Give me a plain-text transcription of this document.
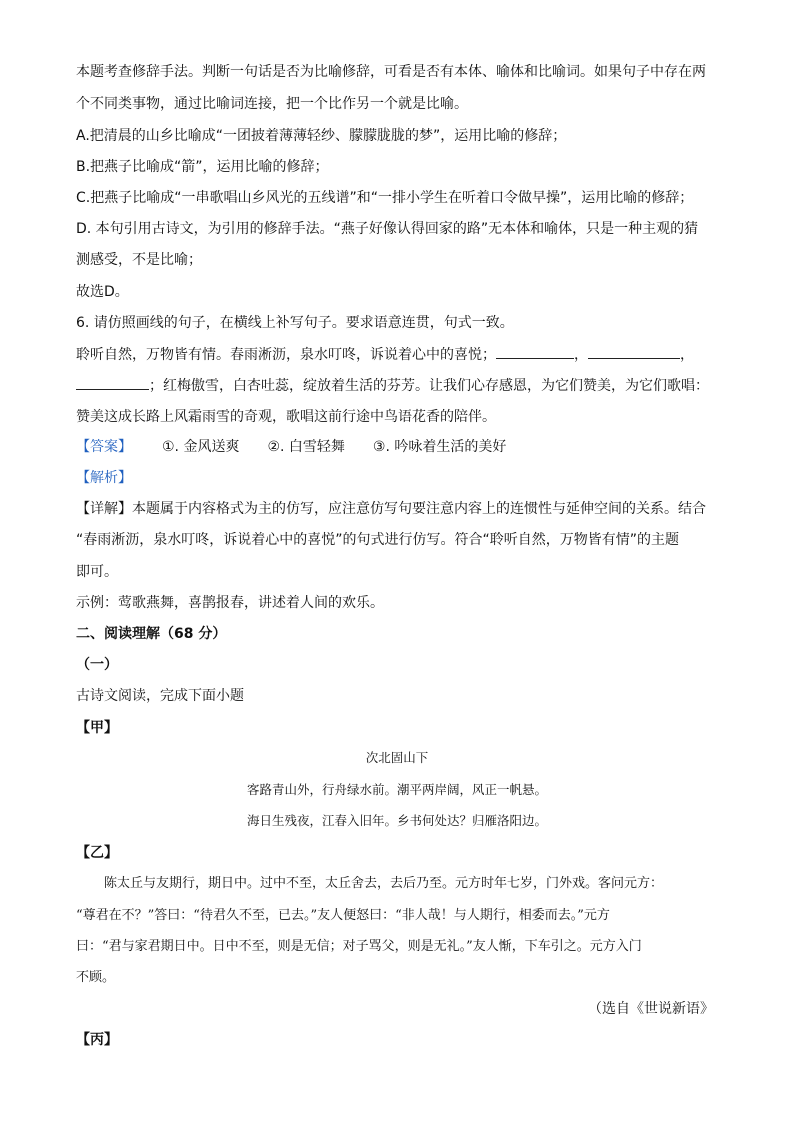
本题考查修辞手法。判断一句话是否为比喻修辞，可看是否有本体、喻体和比喻词。如果句子中存在两
个不同类事物，通过比喻词连接，把一个比作另一个就是比喻。
A.把清晨的山乡比喻成“一团披着薄薄轻纱、朦朦胧胧的梦”，运用比喻的修辞；
B.把燕子比喻成“箭”，运用比喻的修辞；
C.把燕子比喻成“一串歌唱山乡风光的五线谱”和“一排小学生在听着口令做早操”，运用比喻的修辞；
D. 本句引用古诗文，为引用的修辞手法。“燕子好像认得回家的路”无本体和喻体，只是一种主观的猜
测感受，不是比喻；
故选D。
6. 请仿照画线的句子，在横线上补写句子。要求语意连贯，句式一致。
聆听自然，万物皆有情。春雨淅沥，泉水叮咚，诉说着心中的喜悦；	，	，
；红梅傲雪，白杏吐蕊，绽放着生活的芬芳。让我们心存感恩，为它们赞美，为它们歌唱：
赞美这成长路上风霜雨雪的奇观，歌唱这前行途中鸟语花香的陪伴。
【答案】 ①. 金风送爽 ②. 白雪轻舞 ③. 吟咏着生活的美好
【解析】
【详解】本题属于内容格式为主的仿写，应注意仿写句要注意内容上的连惯性与延伸空间的关系。结合
“春雨淅沥，泉水叮咚，诉说着心中的喜悦”的句式进行仿写。符合“聆听自然，万物皆有情”的主题
即可。
示例：莺歌燕舞，喜鹊报春，讲述着人间的欢乐。
二、阅读理解（68 分）
（一）
古诗文阅读，完成下面小题
【甲】
次北固山下
客路青山外，行舟绿水前。潮平两岸阔，风正一帆悬。
海日生残夜，江春入旧年。乡书何处达？归雁洛阳边。
【乙】
陈太丘与友期行，期日中。过中不至，太丘舍去，去后乃至。元方时年七岁，门外戏。客问元方：
“尊君在不？”答曰：“待君久不至，已去。”友人便怒曰：“非人哉！与人期行，相委而去。”元方
曰：“君与家君期日中。日中不至，则是无信；对子骂父，则是无礼。”友人惭，下车引之。元方入门
不顾。
（选自《世说新语》
【丙】
